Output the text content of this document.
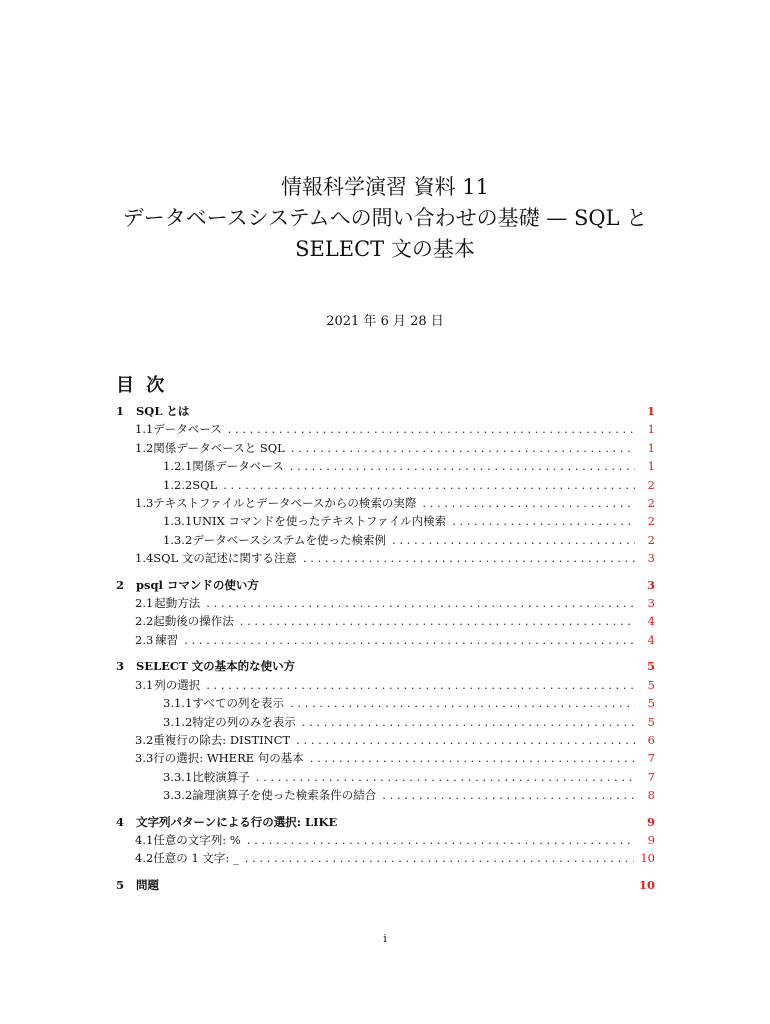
情報科学演習 資料 11
データベースシステムへの問い合わせの基礎 — SQL と
SELECT 文の基本
2021 年 6 月 28 日
目 次
1	SQL とは	1
1.1 データベース . . .	1
1.2 関係データベースと SQL . . .	1
1.2.1 関係データベース . . .	1
1.2.2 SQL . . .	2
1.3 テキストファイルとデータベースからの検索の実際 . . .	2
1.3.1 UNIX コマンドを使ったテキストファイル内検索 . . .	2
1.3.2 データベースシステムを使った検索例 . . .	2
1.4 SQL 文の記述に関する注意 . . .	3
2	psql コマンドの使い方	3
2.1 起動方法 . . .	3
2.2 起動後の操作法 . . .	4
2.3 練習 . . .	4
3	SELECT 文の基本的な使い方	5
3.1 列の選択 . . .	5
3.1.1 すべての列を表示 . . .	5
3.1.2 特定の列のみを表示 . . .	5
3.2 重複行の除去: DISTINCT . . .	6
3.3 行の選択: WHERE 句の基本 . . .	7
3.3.1 比較演算子 . . .	7
3.3.2 論理演算子を使った検索条件の結合 . . .	8
4	文字列パターンによる行の選択: LIKE	9
4.1 任意の文字列: % . . .	9
4.2 任意の 1 文字: _ . . .	10
5	問題	10
i
